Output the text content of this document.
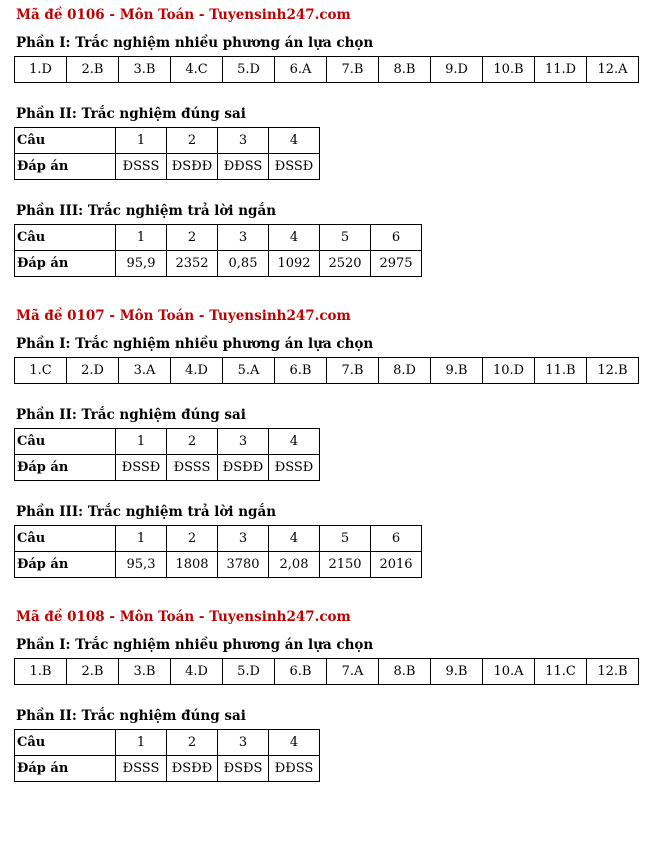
Mã đề 0106 - Môn Toán - Tuyensinh247.com
Phần I: Trắc nghiệm nhiều phương án lựa chọn
1.D	2.B	3.B	4.C	5.D	6.A	7.B	8.B	9.D	10.B	11.D	12.A
Phần II: Trắc nghiệm đúng sai
Câu	1	2	3	4
Đáp án	ĐSSS	ĐSĐĐ	ĐĐSS	ĐSSĐ
Phần III: Trắc nghiệm trả lời ngắn
Câu	1	2	3	4	5	6
Đáp án	95,9	2352	0,85	1092	2520	2975
Mã đề 0107 - Môn Toán - Tuyensinh247.com
Phần I: Trắc nghiệm nhiều phương án lựa chọn
1.C	2.D	3.A	4.D	5.A	6.B	7.B	8.D	9.B	10.D	11.B	12.B
Phần II: Trắc nghiệm đúng sai
Câu	1	2	3	4
Đáp án	ĐSSĐ	ĐSSS	ĐSĐĐ	ĐSSĐ
Phần III: Trắc nghiệm trả lời ngắn
Câu	1	2	3	4	5	6
Đáp án	95,3	1808	3780	2,08	2150	2016
Mã đề 0108 - Môn Toán - Tuyensinh247.com
Phần I: Trắc nghiệm nhiều phương án lựa chọn
1.B	2.B	3.B	4.D	5.D	6.B	7.A	8.B	9.B	10.A	11.C	12.B
Phần II: Trắc nghiệm đúng sai
Câu	1	2	3	4
Đáp án	ĐSSS	ĐSĐĐ	ĐSĐS	ĐĐSS
